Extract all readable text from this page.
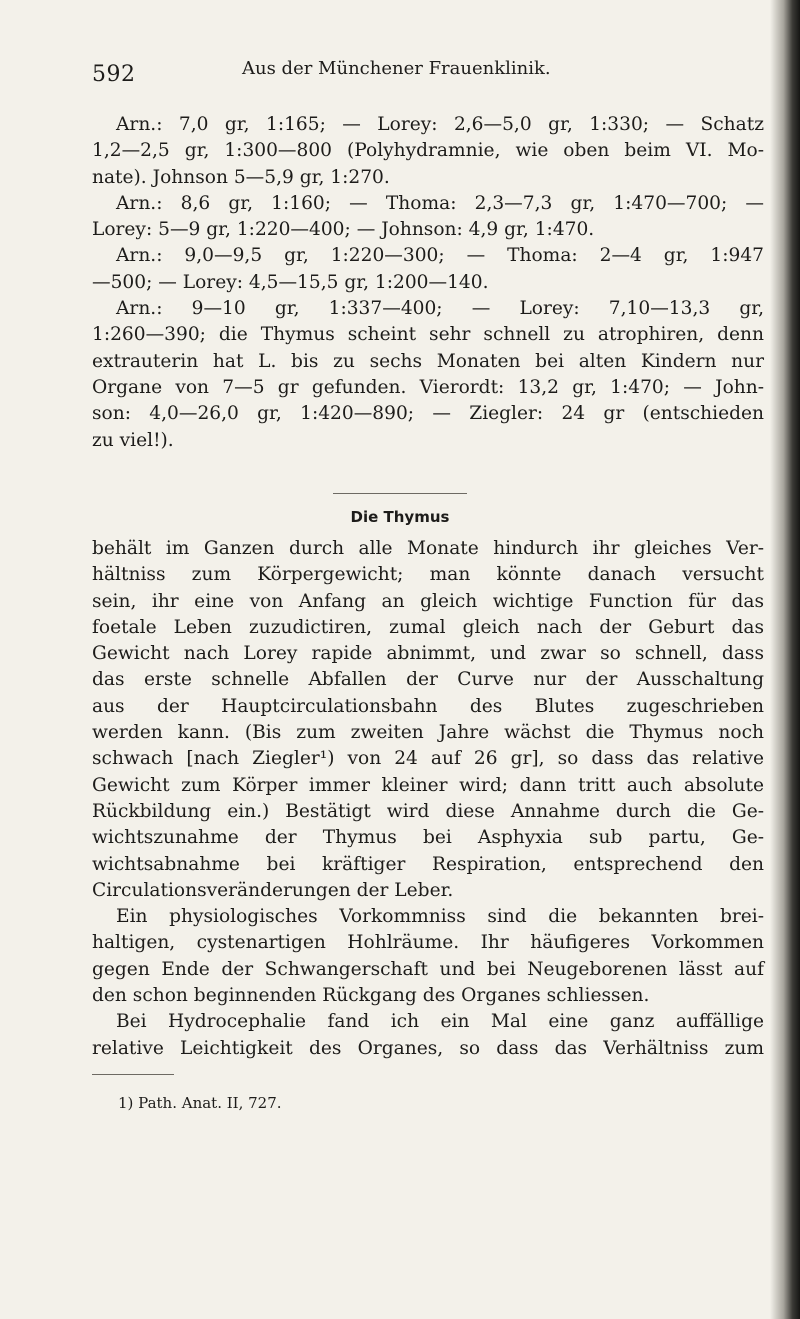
592	Aus der Münchener Frauenklinik.
Arn.: 7,0 gr, 1:165; — Lorey: 2,6—5,0 gr, 1:330; — Schatz
1,2—2,5 gr, 1:300—800 (Polyhydramnie, wie oben beim VI. Mo-
nate). Johnson 5—5,9 gr, 1:270.
Arn.: 8,6 gr, 1:160; — Thoma: 2,3—7,3 gr, 1:470—700; —
Lorey: 5—9 gr, 1:220—400; — Johnson: 4,9 gr, 1:470.
Arn.: 9,0—9,5 gr, 1:220—300; — Thoma: 2—4 gr, 1:947
—500; — Lorey: 4,5—15,5 gr, 1:200—140.
Arn.: 9—10 gr, 1:337—400; — Lorey: 7,10—13,3 gr,
1:260—390; die Thymus scheint sehr schnell zu atrophiren, denn
extrauterin hat L. bis zu sechs Monaten bei alten Kindern nur
Organe von 7—5 gr gefunden. Vierordt: 13,2 gr, 1:470; — John-
son: 4,0—26,0 gr, 1:420—890; — Ziegler: 24 gr (entschieden
zu viel!).
Die Thymus
behält im Ganzen durch alle Monate hindurch ihr gleiches Ver-
hältniss zum Körpergewicht; man könnte danach versucht
sein, ihr eine von Anfang an gleich wichtige Function für das
foetale Leben zuzudictiren, zumal gleich nach der Geburt das
Gewicht nach Lorey rapide abnimmt, und zwar so schnell, dass
das erste schnelle Abfallen der Curve nur der Ausschaltung
aus der Hauptcirculationsbahn des Blutes zugeschrieben
werden kann. (Bis zum zweiten Jahre wächst die Thymus noch
schwach [nach Ziegler¹) von 24 auf 26 gr], so dass das relative
Gewicht zum Körper immer kleiner wird; dann tritt auch absolute
Rückbildung ein.) Bestätigt wird diese Annahme durch die Ge-
wichtszunahme der Thymus bei Asphyxia sub partu, Ge-
wichtsabnahme bei kräftiger Respiration, entsprechend den
Circulationsveränderungen der Leber.
Ein physiologisches Vorkommniss sind die bekannten brei-
haltigen, cystenartigen Hohlräume. Ihr häufigeres Vorkommen
gegen Ende der Schwangerschaft und bei Neugeborenen lässt auf
den schon beginnenden Rückgang des Organes schliessen.
Bei Hydrocephalie fand ich ein Mal eine ganz auffällige
relative Leichtigkeit des Organes, so dass das Verhältniss zum
1) Path. Anat. II, 727.
